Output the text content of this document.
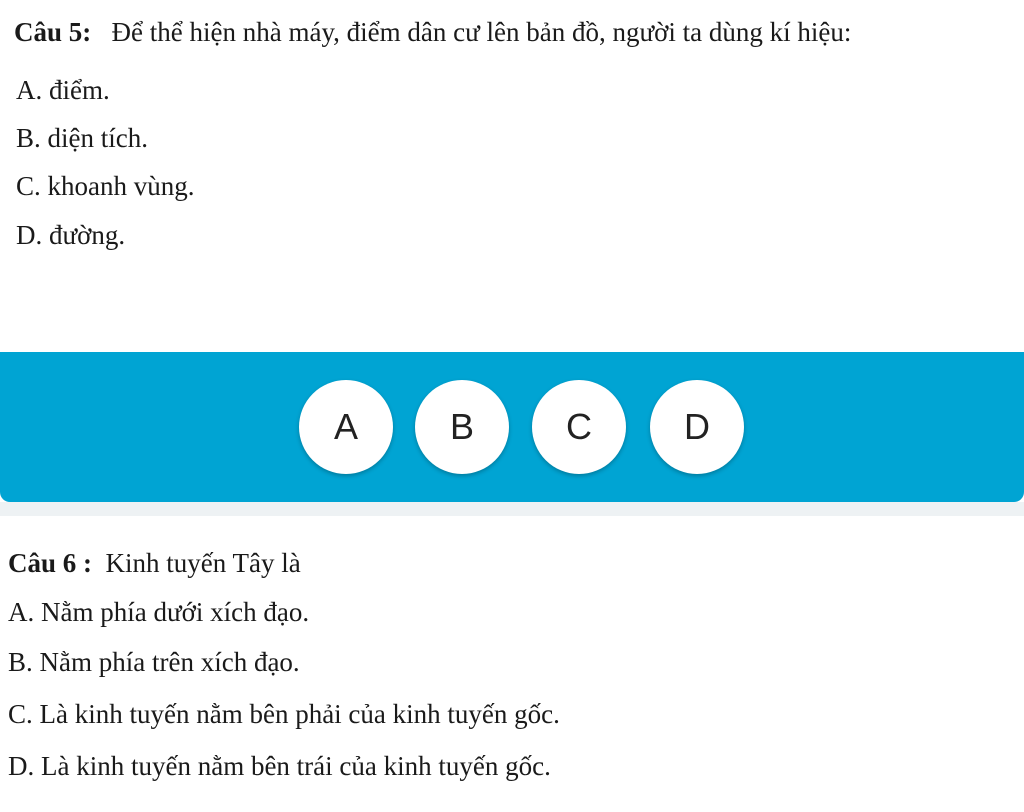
Câu 5: Để thể hiện nhà máy, điểm dân cư lên bản đồ, người ta dùng kí hiệu:
A. điểm.
B. diện tích.
C. khoanh vùng.
D. đường.
A	B	C	D
Câu 6 : Kinh tuyến Tây là
A. Nằm phía dưới xích đạo.
B. Nằm phía trên xích đạo.
C. Là kinh tuyến nằm bên phải của kinh tuyến gốc.
D. Là kinh tuyến nằm bên trái của kinh tuyến gốc.
